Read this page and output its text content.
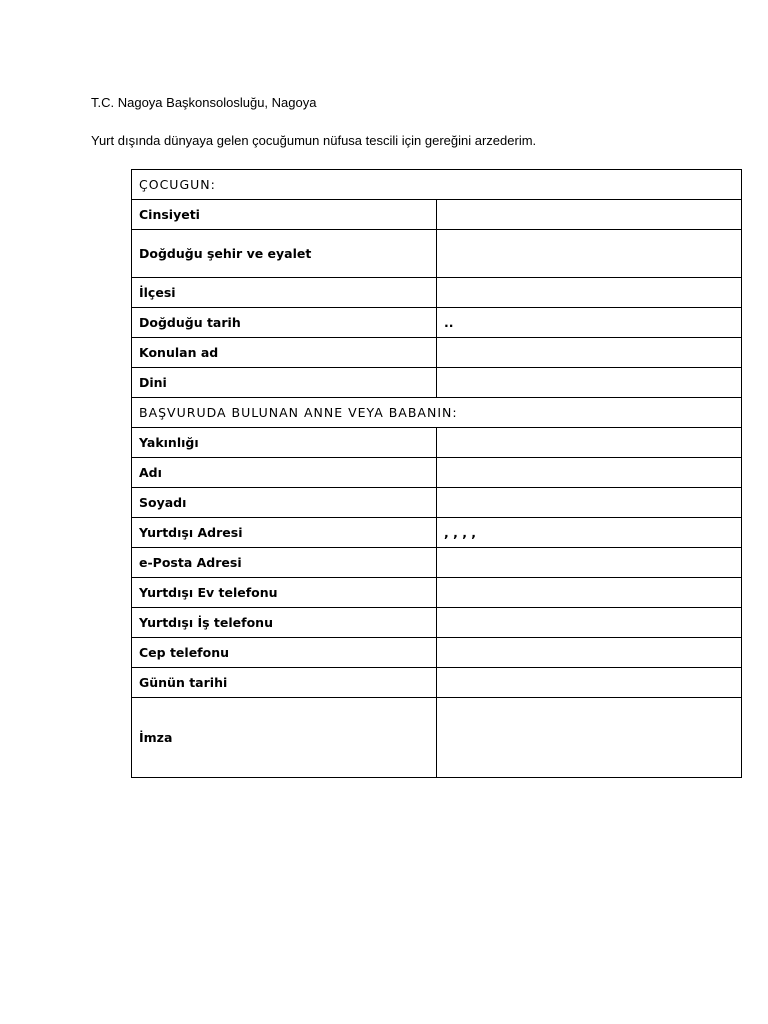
T.C. Nagoya Başkonsolosluğu, Nagoya
Yurt dışında dünyaya gelen çocuğumun nüfusa tescili için gereğini arzederim.
ÇOCUGUN:	
Cinsiyeti	
Doğduğu şehir ve eyalet	
İlçesi	
Doğduğu tarih	..
Konulan ad	
Dini	
BAŞVURUDA BULUNAN ANNE VEYA BABANIN:	
Yakınlığı	
Adı	
Soyadı	
Yurtdışı Adresi	, , , ,
e-Posta Adresi	
Yurtdışı Ev telefonu	
Yurtdışı İş telefonu	
Cep telefonu	
Günün tarihi	
İmza	
